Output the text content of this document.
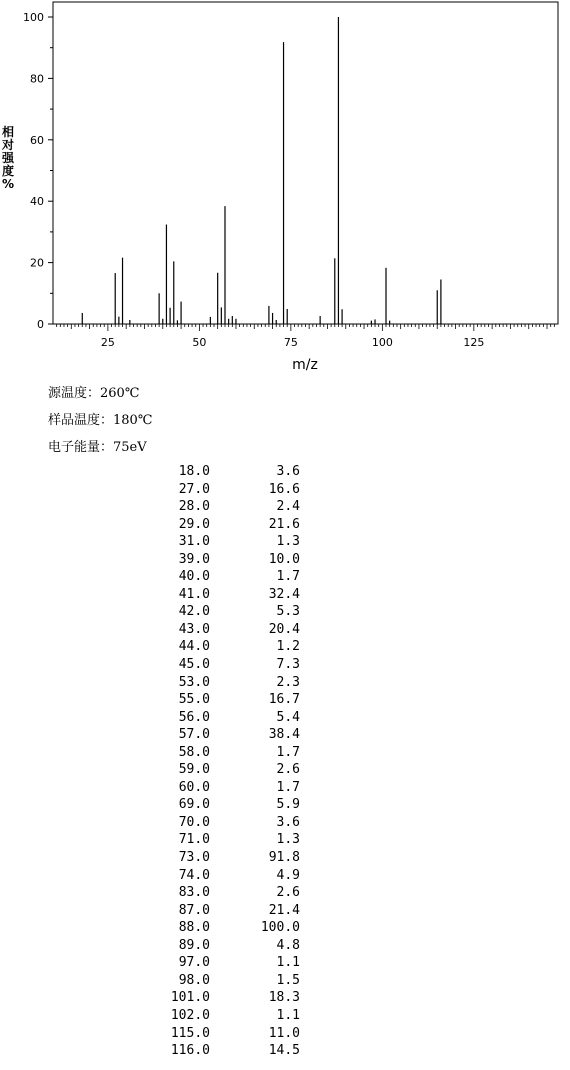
0
20
40
60
80
100
25	50	75	100	125
m/z
相
对
强
度
%
源温度：260℃
样品温度：180℃
电子能量：75eV
18.0	3.6
27.0	16.6
28.0	2.4
29.0	21.6
31.0	1.3
39.0	10.0
40.0	1.7
41.0	32.4
42.0	5.3
43.0	20.4
44.0	1.2
45.0	7.3
53.0	2.3
55.0	16.7
56.0	5.4
57.0	38.4
58.0	1.7
59.0	2.6
60.0	1.7
69.0	5.9
70.0	3.6
71.0	1.3
73.0	91.8
74.0	4.9
83.0	2.6
87.0	21.4
88.0	100.0
89.0	4.8
97.0	1.1
98.0	1.5
101.0	18.3
102.0	1.1
115.0	11.0
116.0	14.5
